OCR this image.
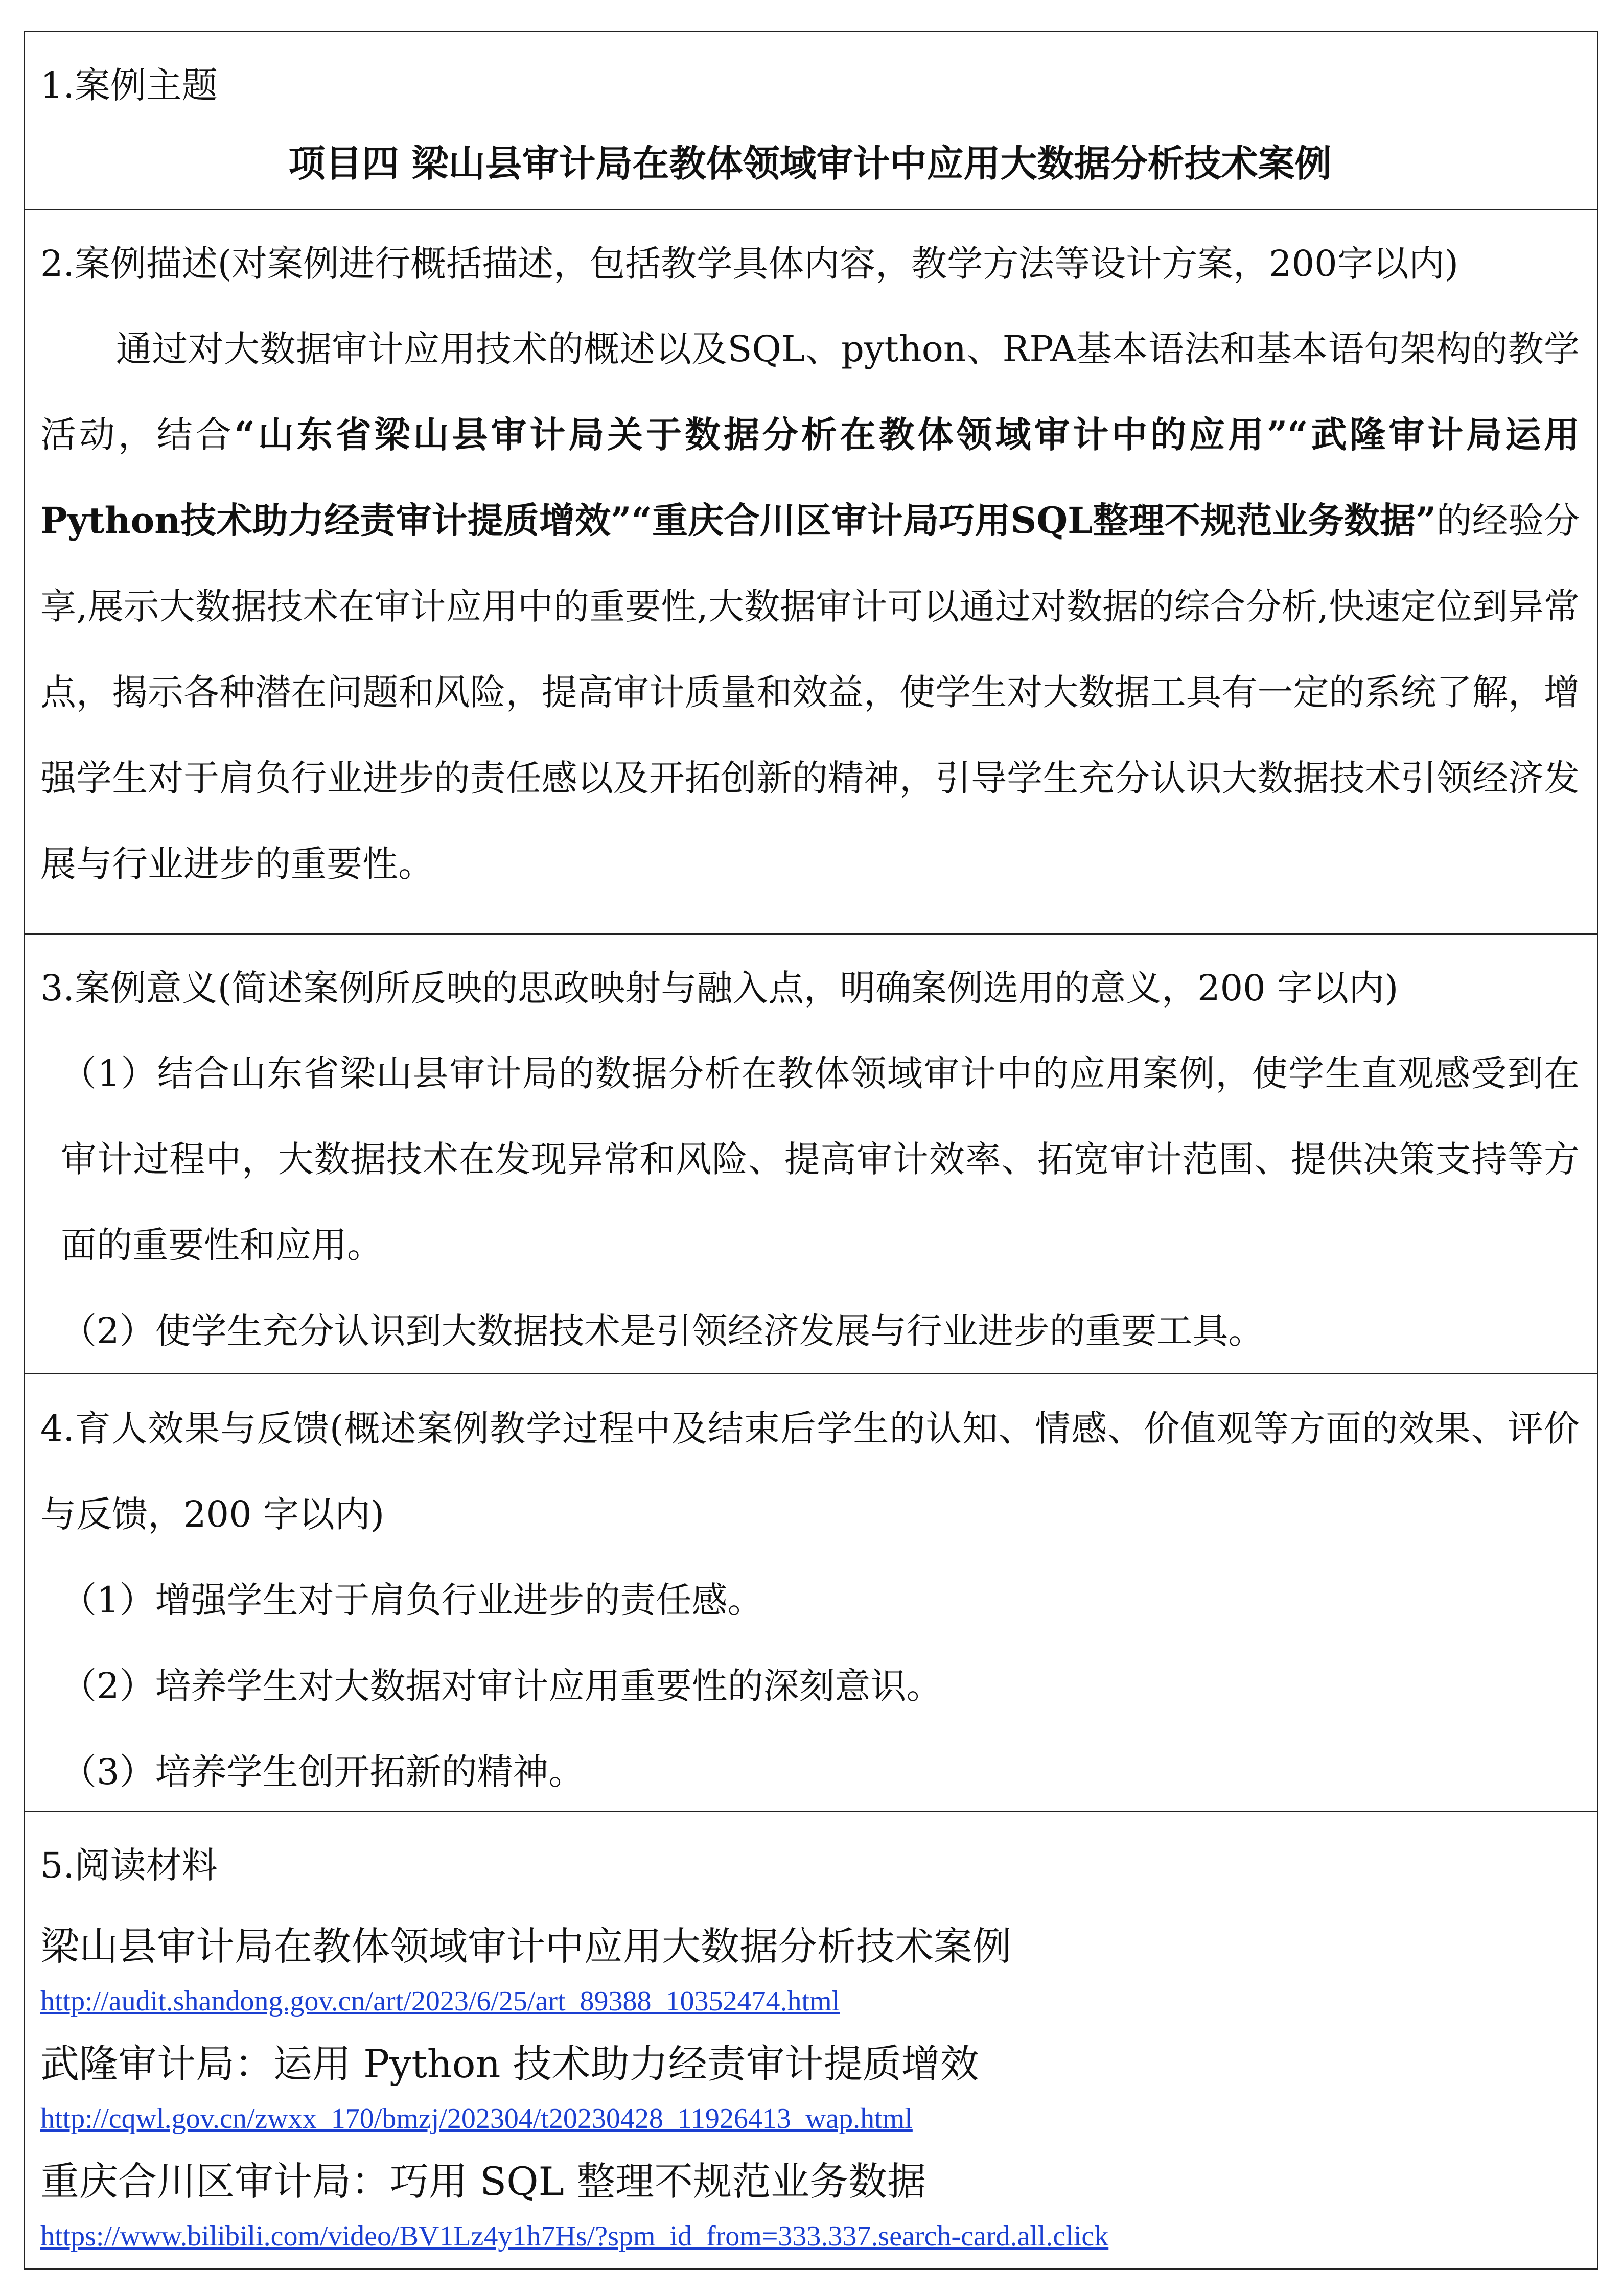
1.案例主题
项目四 梁山县审计局在教体领域审计中应用大数据分析技术案例
2.案例描述(对案例进行概括描述，包括教学具体内容，教学方法等设计方案，200字以内)
通过对大数据审计应用技术的概述以及SQL、python、RPA基本语法和基本语句架构的教学活动，结合“山东省梁山县审计局关于数据分析在教体领域审计中的应用”“武隆审计局运用Python技术助力经责审计提质增效”“重庆合川区审计局巧用SQL整理不规范业务数据”的经验分享,展示大数据技术在审计应用中的重要性,大数据审计可以通过对数据的综合分析,快速定位到异常点，揭示各种潜在问题和风险，提高审计质量和效益，使学生对大数据工具有一定的系统了解，增强学生对于肩负行业进步的责任感以及开拓创新的精神，引导学生充分认识大数据技术引领经济发展与行业进步的重要性。
3.案例意义(简述案例所反映的思政映射与融入点，明确案例选用的意义，200 字以内)
（1）结合山东省梁山县审计局的数据分析在教体领域审计中的应用案例，使学生直观感受到在审计过程中，大数据技术在发现异常和风险、提高审计效率、拓宽审计范围、提供决策支持等方面的重要性和应用。
（2）使学生充分认识到大数据技术是引领经济发展与行业进步的重要工具。
4.育人效果与反馈(概述案例教学过程中及结束后学生的认知、情感、价值观等方面的效果、评价与反馈，200 字以内)
（1）增强学生对于肩负行业进步的责任感。
（2）培养学生对大数据对审计应用重要性的深刻意识。
（3）培养学生创开拓新的精神。
5.阅读材料
梁山县审计局在教体领域审计中应用大数据分析技术案例
http://audit.shandong.gov.cn/art/2023/6/25/art_89388_10352474.html
武隆审计局：运用 Python 技术助力经责审计提质增效
http://cqwl.gov.cn/zwxx_170/bmzj/202304/t20230428_11926413_wap.html
重庆合川区审计局：巧用 SQL 整理不规范业务数据
https://www.bilibili.com/video/BV1Lz4y1h7Hs/?spm_id_from=333.337.search-card.all.click
